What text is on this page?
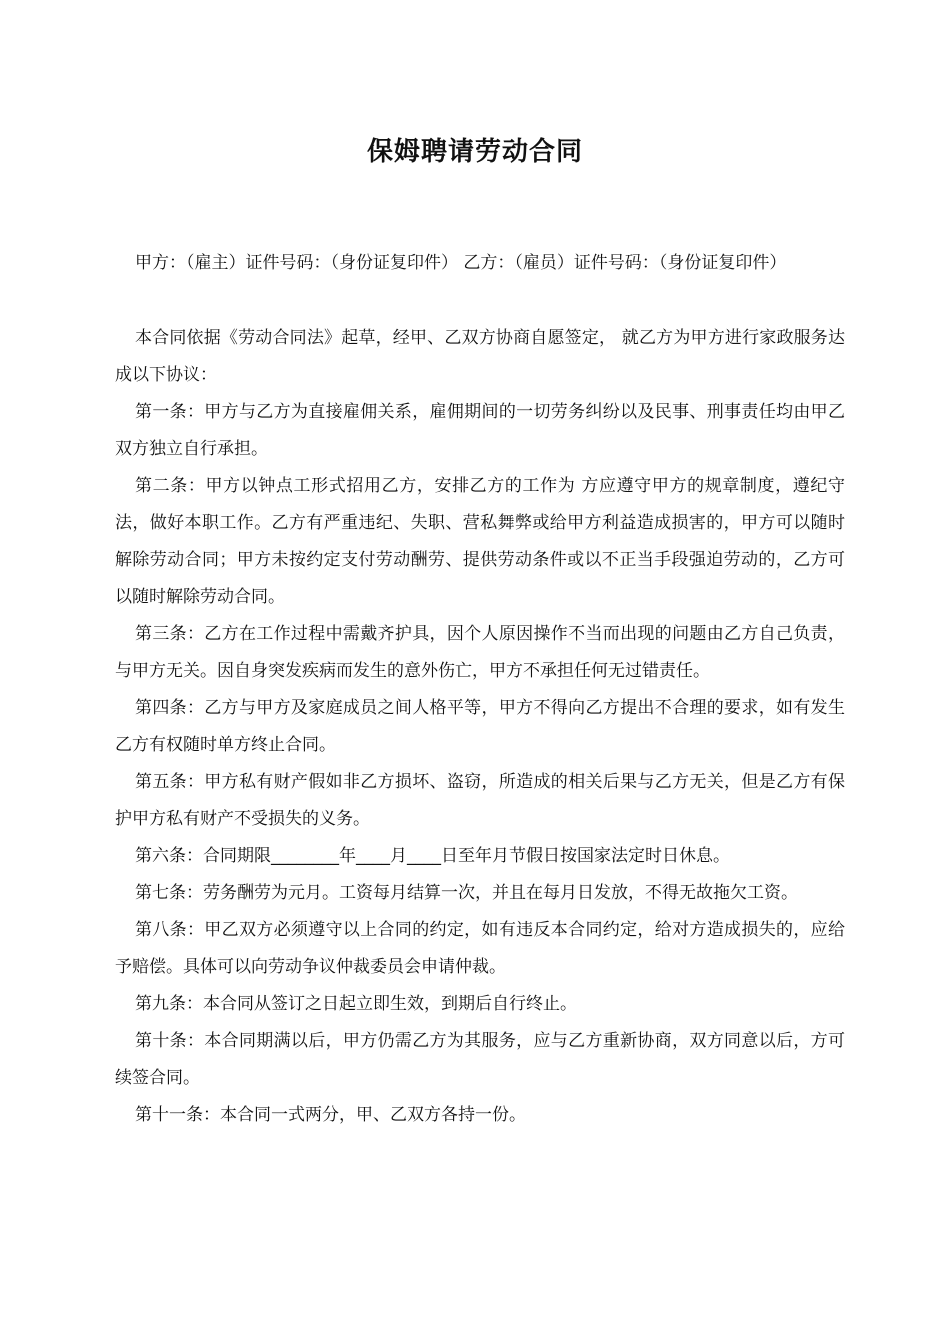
保姆聘请劳动合同
甲方：（雇主）证件号码：（身份证复印件） 乙方：（雇员）证件号码：（身份证复印件）

本合同依据《劳动合同法》起草，经甲、乙双方协商自愿签定， 就乙方为甲方进行家政服务达成以下协议：

第一条：甲方与乙方为直接雇佣关系，雇佣期间的一切劳务纠纷以及民事、刑事责任均由甲乙双方独立自行承担。

第二条：甲方以钟点工形式招用乙方，安排乙方的工作为 方应遵守甲方的规章制度，遵纪守法，做好本职工作。乙方有严重违纪、失职、营私舞弊或给甲方利益造成损害的，甲方可以随时解除劳动合同；甲方未按约定支付劳动酬劳、提供劳动条件或以不正当手段强迫劳动的，乙方可以随时解除劳动合同。

第三条：乙方在工作过程中需戴齐护具，因个人原因操作不当而出现的问题由乙方自己负责，与甲方无关。因自身突发疾病而发生的意外伤亡，甲方不承担任何无过错责任。

第四条：乙方与甲方及家庭成员之间人格平等，甲方不得向乙方提出不合理的要求，如有发生乙方有权随时单方终止合同。

第五条：甲方私有财产假如非乙方损坏、盗窃，所造成的相关后果与乙方无关，但是乙方有保护甲方私有财产不受损失的义务。

第六条：合同期限________年____月____日至年月节假日按国家法定时日休息。

第七条：劳务酬劳为元月。工资每月结算一次，并且在每月日发放，不得无故拖欠工资。

第八条：甲乙双方必须遵守以上合同的约定，如有违反本合同约定，给对方造成损失的，应给予赔偿。具体可以向劳动争议仲裁委员会申请仲裁。

第九条：本合同从签订之日起立即生效，到期后自行终止。

第十条：本合同期满以后，甲方仍需乙方为其服务，应与乙方重新协商，双方同意以后，方可续签合同。

第十一条：本合同一式两分，甲、乙双方各持一份。
